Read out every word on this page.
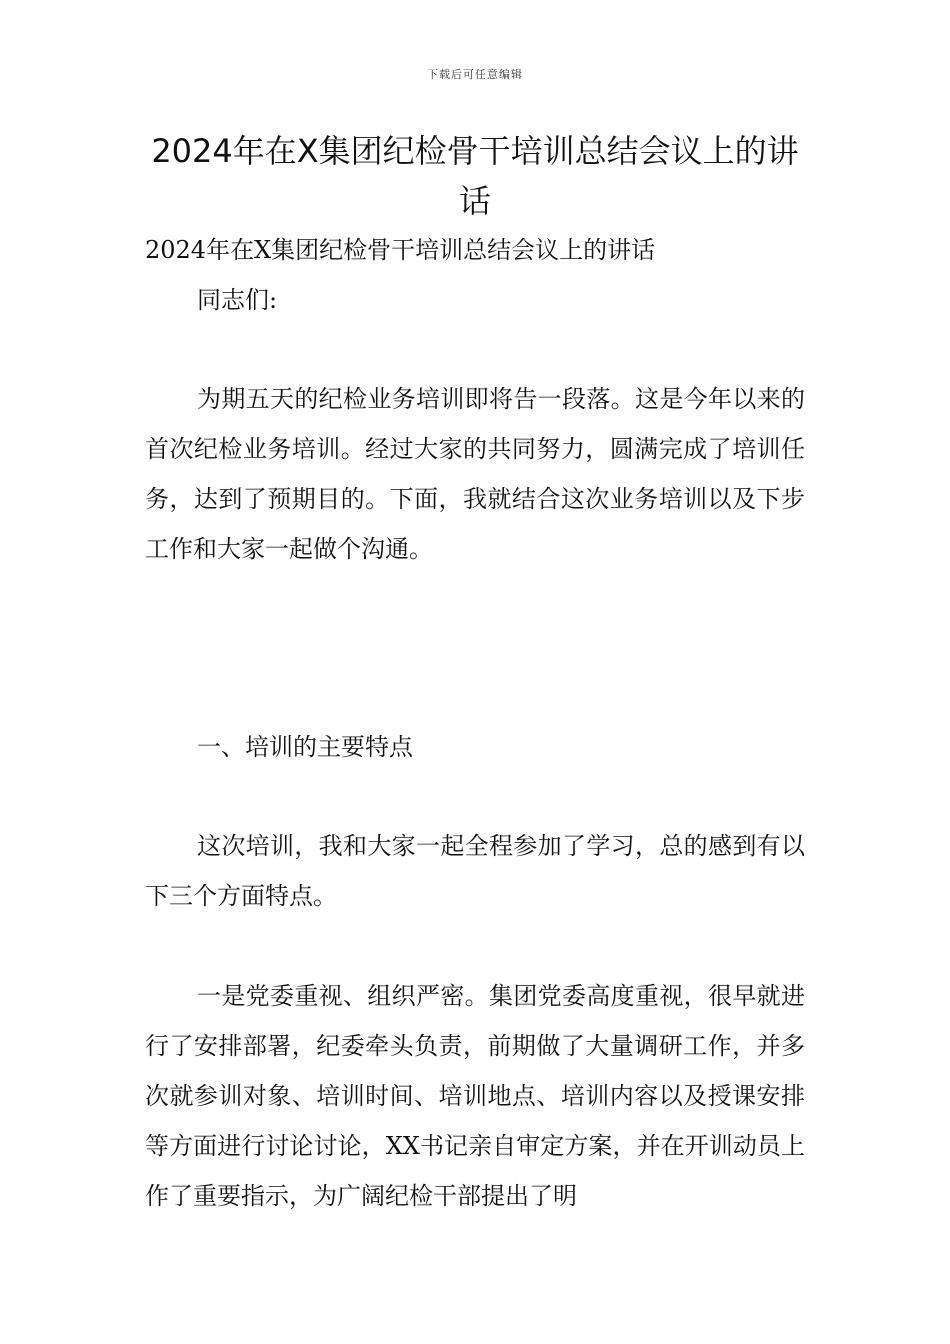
下载后可任意编辑
2024年在X集团纪检骨干培训总结会议上的讲话

2024年在X集团纪检骨干培训总结会议上的讲话

同志们:

为期五天的纪检业务培训即将告一段落。这是今年以来的首次纪检业务培训。经过大家的共同努力，圆满完成了培训任务，达到了预期目的。下面，我就结合这次业务培训以及下步工作和大家一起做个沟通。

一、培训的主要特点

这次培训，我和大家一起全程参加了学习，总的感到有以下三个方面特点。

一是党委重视、组织严密。集团党委高度重视，很早就进行了安排部署，纪委牵头负责，前期做了大量调研工作，并多次就参训对象、培训时间、培训地点、培训内容以及授课安排等方面进行讨论讨论，XX书记亲自审定方案，并在开训动员上作了重要指示，为广阔纪检干部提出了明
